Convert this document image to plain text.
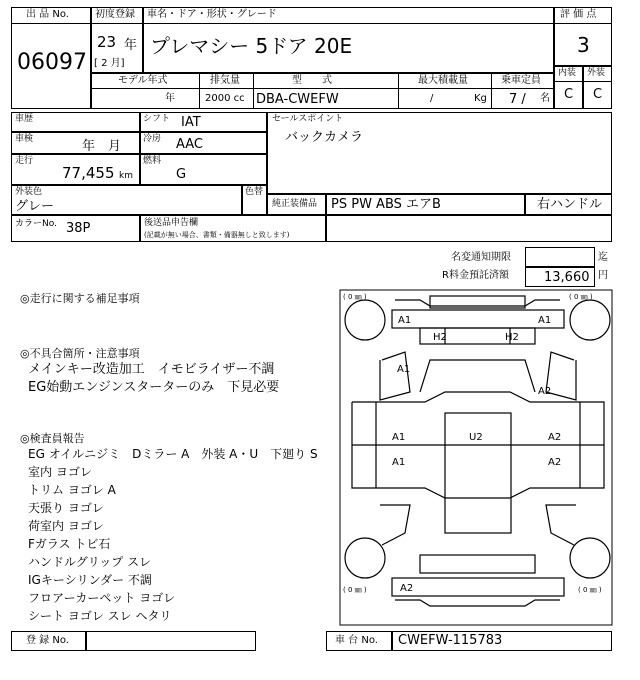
出 品 No.
06097
初度登録
23 年
[ 2 月]
車名・ドア・形状・グレード
プレマシー 5ドア 20E
評 価 点
3
内装 外装
C C
モデル年式
年
排気量
2000 cc
型　　式
DBA-CWEFW
最大積載量
/	Kg
乗車定員
7 / 名
車歴
車検	年　月
走行
77,455 km
シフト IAT
冷房 AAC
燃料
G
セールスポイント
バックカメラ
外装色
グレー
色替
純正装備品 PS PW ABS エアB	右ハンドル
カラーNo. 38P	後送品申告欄
(記載が無い場合、書類・備器無しと致します)
名変通知期限	迄
R料金預託済額	13,660 円
◎走行に関する補足事項
◎不具合箇所・注意事項
メインキー改造加工　イモビライザー不調
EG始動エンジンスターターのみ　下見必要
◎検査員報告
EG オイルニジミ　Dミラー A　外装 A・U　下廻り S
室内 ヨゴレ
トリム ヨゴレ A
天張り ヨゴレ
荷室内 ヨゴレ
Fガラス トビ石
ハンドルグリップ スレ
IGキーシリンダー 不調
フロアーカーペット ヨゴレ
シート ヨゴレ スレ ヘタリ
( 0 ㎜ )	( 0 ㎜ )
( 0 ㎜ )	( 0 ㎜ )
A1	A1
H2	H2
A1
A2
A1
A1
U2	A2
A2
A2
登 録 No.	車 台 No. CWEFW-115783
